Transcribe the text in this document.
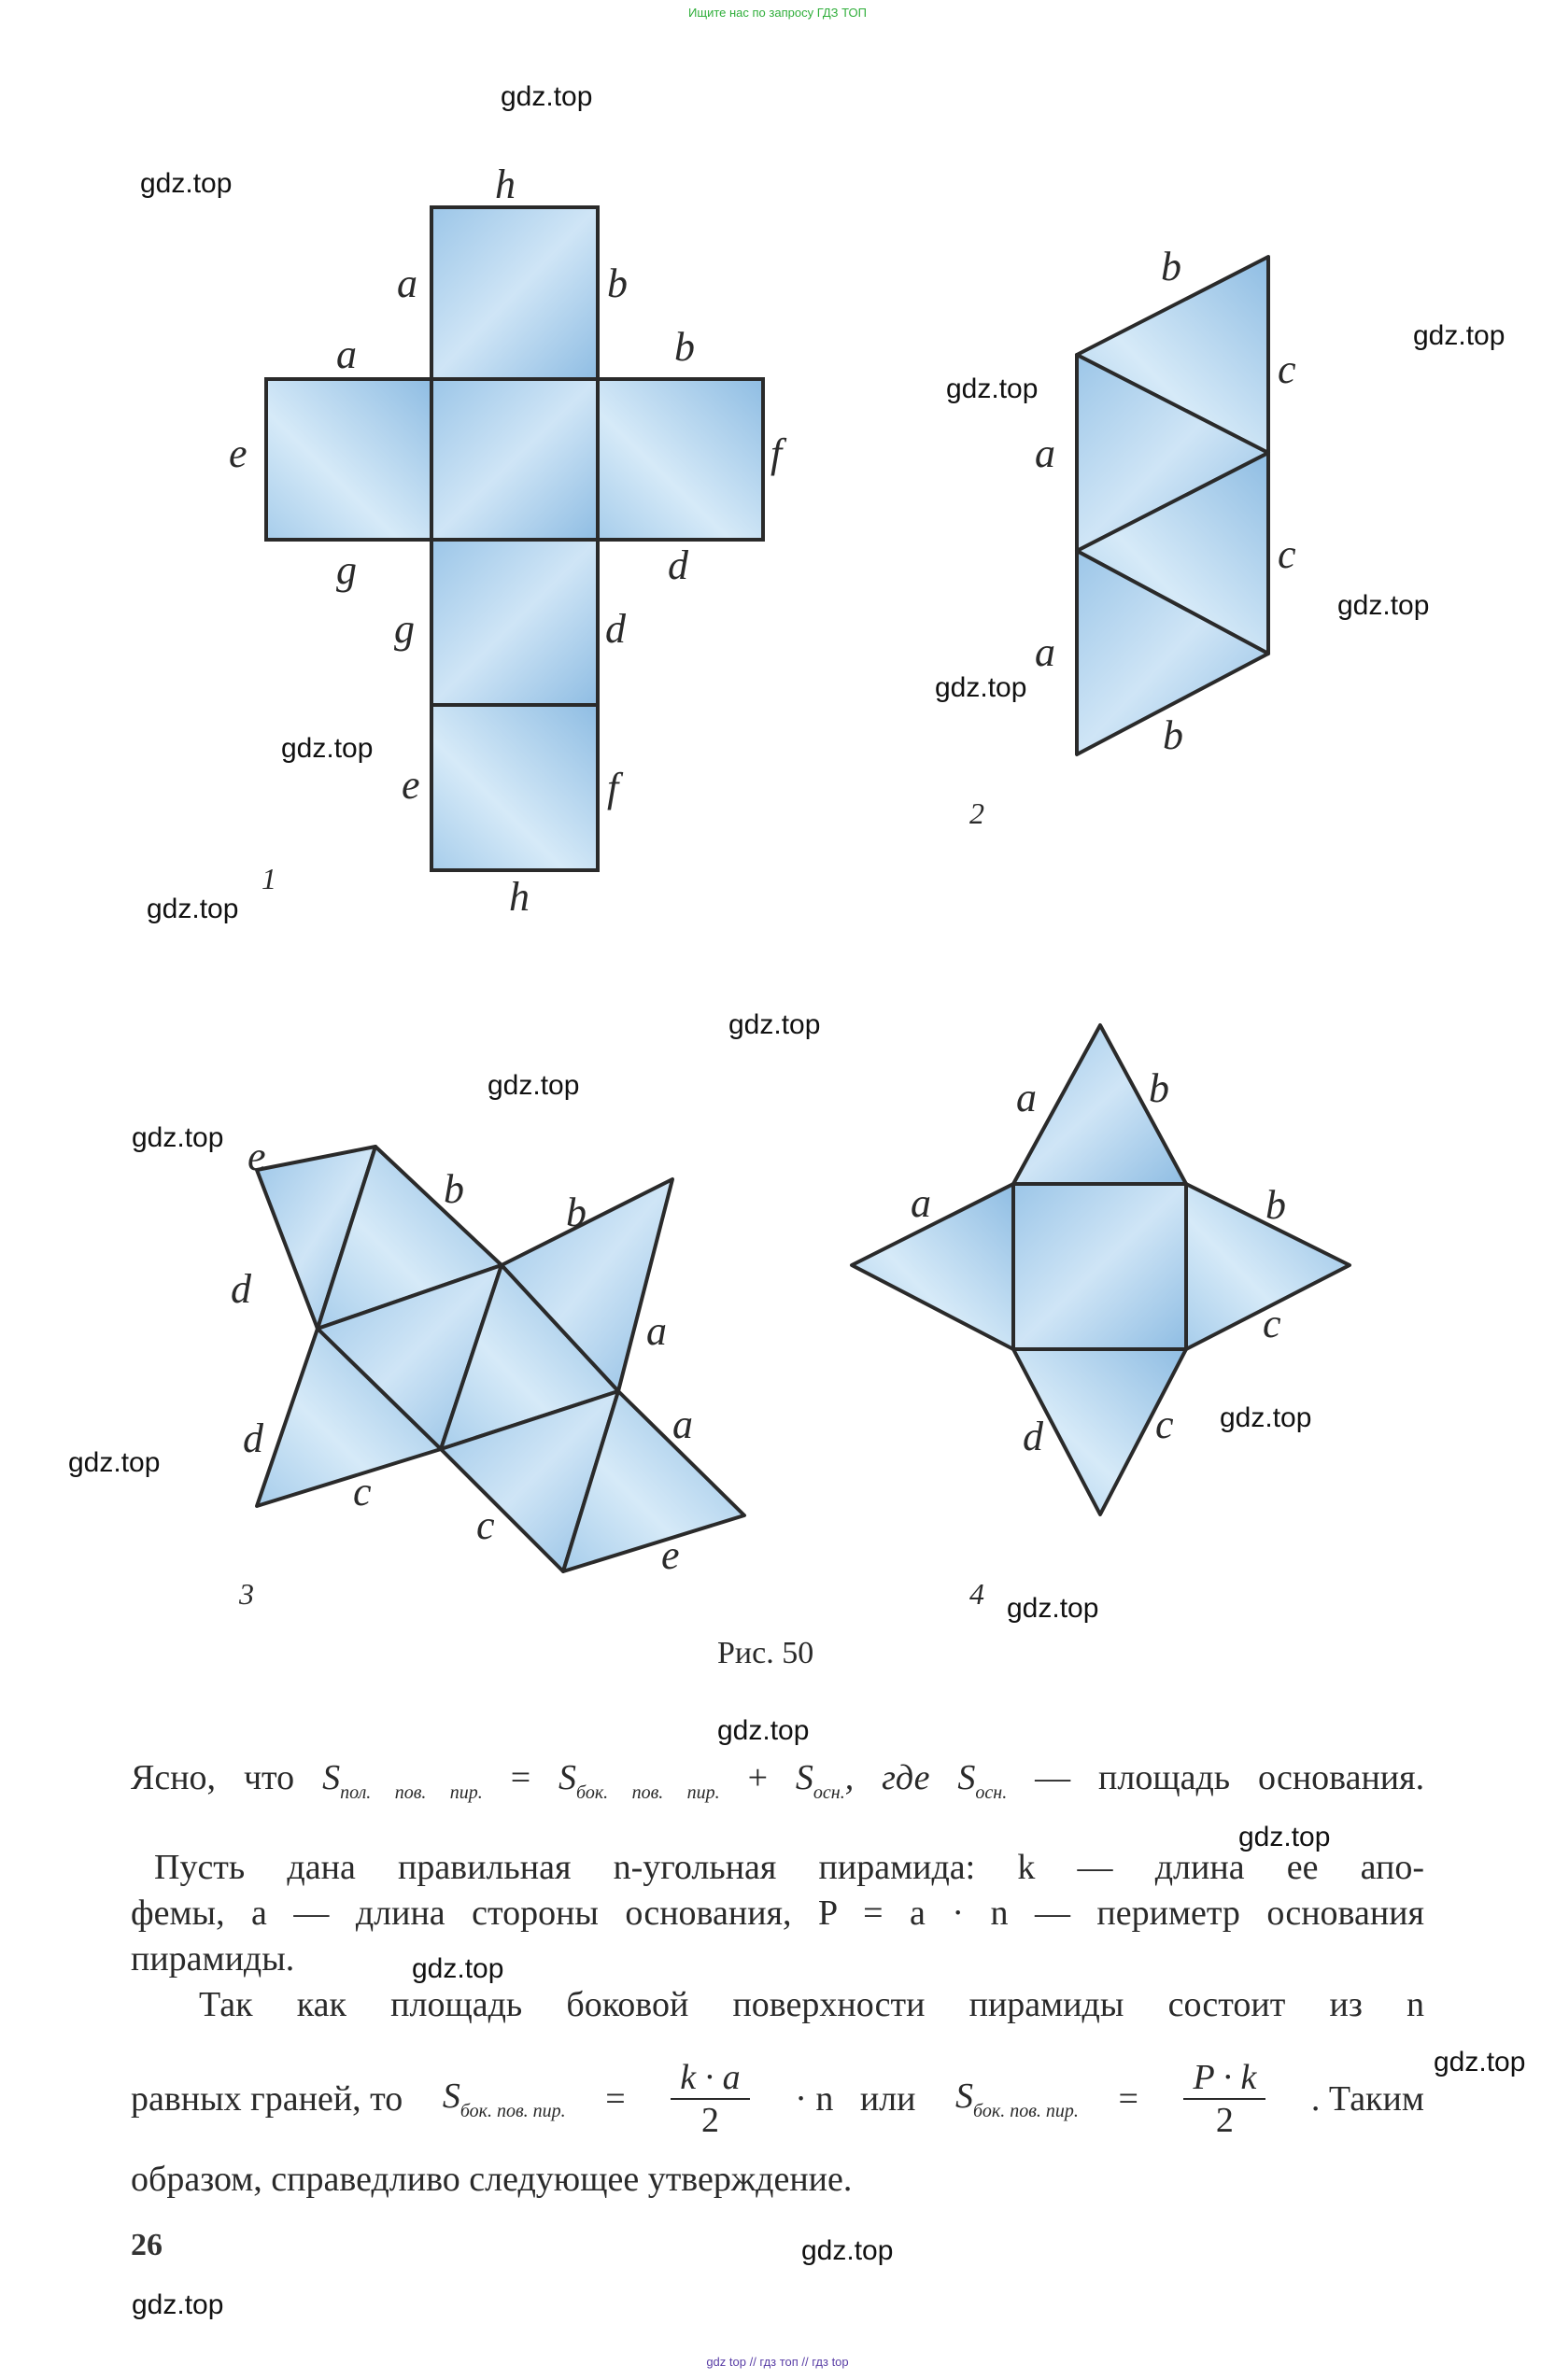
Ищите нас по запросу ГДЗ ТОП
h
a	b
a	b
e	f
g	d
g	d
e	f
h
1
b
c
a
c
a
b
2
e
b
b
d
a
d	a
c
c
e
3
a	b
a	b
c
d	c
4
Рис. 50
gdz.top
gdz.top
gdz.top
gdz.top
gdz.top
gdz.top
gdz.top
gdz.top
gdz.top
gdz.top
gdz.top
gdz.top
gdz.top
gdz.top
gdz.top
gdz.top
gdz.top
gdz.top
gdz.top
gdz.top
Ясно, что $S_{пол. пов. пир.} = S_{бок. пов. пир.} + S_{осн.}$, где $S_{осн.}$ — площадь основания.
Пусть дана правильная n-угольная пирамида: k — длина ее апо-
фемы, a — длина стороны основания, P = a · n — периметр основания
пирамиды.
Так как площадь боковой поверхности пирамиды состоит из n
равных граней, то $S_{бок. пов. пир.} = \frac{k \cdot a}{2} \cdot n$   или $S_{бок. пов. пир.} = \frac{P \cdot k}{2}$ . Таким
образом, справедливо следующее утверждение.
26
gdz top // гдз топ // гдз top
